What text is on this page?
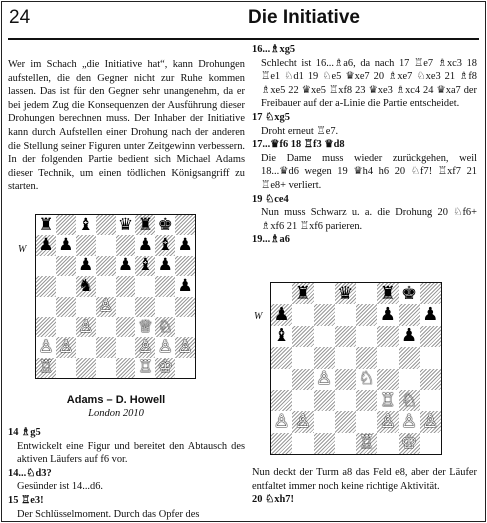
24	Die Initiative
Wer im Schach „die Initiative hat“, kann Drohungen aufstellen, die den Gegner nicht zur Ruhe kommen lassen. Das ist für den Gegner sehr unangenehm, da er bei jedem Zug die Konsequenzen der Ausführung dieser Drohungen berechnen muss. Der Inhaber der Initiative kann durch Aufstellen einer Drohung nach der anderen die Stellung seiner Figuren unter Zeitgewinn verbessern. In der folgenden Partie bedient sich Michael Adams dieser Technik, um einen tödlichen Königsangriff zu starten.
W
♜ ♝ ♛ ♜ ♚
♟ ♟	♟ ♝ ♟
♟ ♟ ♝ ♟
♞	♟
♙
♙	♕ ♘
♙ ♙	♙ ♙ ♙
♖	♖ ♔
Adams – D. Howell
London 2010
14 ♗g5
Entwickelt eine Figur und bereitet den Abtausch des aktiven Läufers auf f6 vor.
14...♘d3?
Gesünder ist 14...d6.
15 ♖e3!
Der Schlüsselmoment. Durch das Opfer des
16...♗xg5
Schlecht ist 16...♗a6, da nach 17 ♖e7 ♗xc3 18 ♖e1 ♘d1 19 ♘e5 ♛xe7 20 ♗xe7 ♘xe3 21 ♗f8 ♗xe5 22 ♛xe5 ♖xf8 23 ♛xe3 ♗xc4 24 ♛xa7 der Freibauer auf der a-Linie die Partie entscheidet.
17 ♘xg5
Droht erneut ♖e7.
17...♛f6 18 ♖f3 ♛d8
Die Dame muss wieder zurückgehen, weil 18...♛d6 wegen 19 ♛h4 h6 20 ♘f7! ♖xf7 21 ♖e8+ verliert.
19 ♘ce4
Nun muss Schwarz u. a. die Drohung 20 ♘f6+ ♗xf6 21 ♖xf6 parieren.
19...♗a6
W
♜ ♛ ♜ ♚
♟	♟ ♟
♝	♟
♙ ♘
♖ ♘
♙ ♙	♙ ♙ ♙
♖ ♔
Nun deckt der Turm a8 das Feld e8, aber der Läufer entfaltet immer noch keine richtige Aktivität.
20 ♘xh7!
